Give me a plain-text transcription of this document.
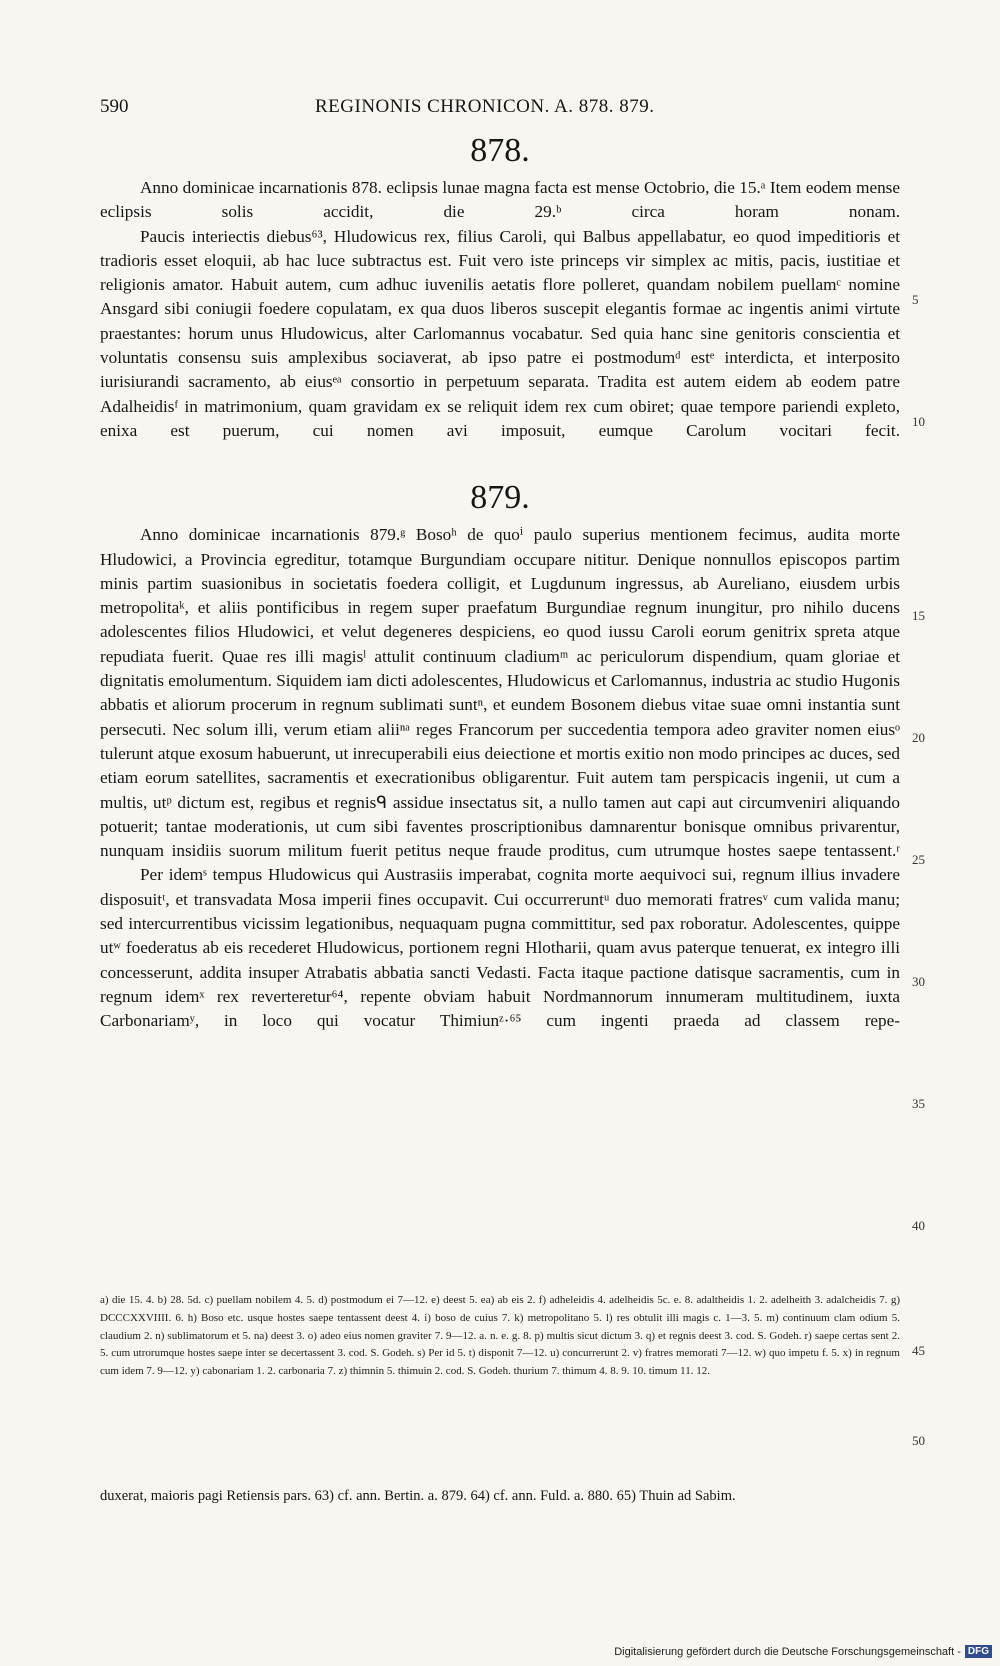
590	REGINONIS CHRONICON. A. 878. 879.
878.

Anno dominicae incarnationis 878. eclipsis lunae magna facta est mense Octobrio, die 15.ᵃ Item eodem mense eclipsis solis accidit, die 29.ᵇ circa horam nonam.

Paucis interiectis diebus⁶³, Hludowicus rex, filius Caroli, qui Balbus appellabatur, eo quod impeditioris et tradioris esset eloquii, ab hac luce subtractus est. Fuit vero iste princeps vir simplex ac mitis, pacis, iustitiae et religionis amator. Habuit autem, cum adhuc iuvenilis aetatis flore polleret, quandam nobilem puellamᶜ nomine Ansgard sibi coniugii foedere copulatam, ex qua duos liberos suscepit elegantis formae ac ingentis animi virtute praestantes: horum unus Hludowicus, alter Carlomannus vocabatur. Sed quia hanc sine genitoris conscientia et voluntatis consensu suis amplexibus sociaverat, ab ipso patre ei postmodumᵈ estᵉ interdicta, et interposito iurisiurandi sacramento, ab eiusᵉᵃ consortio in perpetuum separata. Tradita est autem eidem ab eodem patre Adalheidisᶠ in matrimonium, quam gravidam ex se reliquit idem rex cum obiret; quae tempore pariendi expleto, enixa est puerum, cui nomen avi imposuit, eumque Carolum vocitari fecit.

879.

Anno dominicae incarnationis 879.ᵍ Bosoʰ de quoⁱ paulo superius mentionem fecimus, audita morte Hludowici, a Provincia egreditur, totamque Burgundiam occupare nititur. Denique nonnullos episcopos partim minis partim suasionibus in societatis foedera colligit, et Lugdunum ingressus, ab Aureliano, eiusdem urbis metropolitaᵏ, et aliis pontificibus in regem super praefatum Burgundiae regnum inungitur, pro nihilo ducens adolescentes filios Hludowici, et velut degeneres despiciens, eo quod iussu Caroli eorum genitrix spreta atque repudiata fuerit. Quae res illi magisˡ attulit continuum cladiumᵐ ac periculorum dispendium, quam gloriae et dignitatis emolumentum. Siquidem iam dicti adolescentes, Hludowicus et Carlomannus, industria ac studio Hugonis abbatis et aliorum procerum in regnum sublimati suntⁿ, et eundem Bosonem diebus vitae suae omni instantia sunt persecuti. Nec solum illi, verum etiam aliiⁿᵃ reges Francorum per succedentia tempora adeo graviter nomen eiusᵒ tulerunt atque exosum habuerunt, ut inrecuperabili eius deiectione et mortis exitio non modo principes ac duces, sed etiam eorum satellites, sacramentis et execrationibus obligarentur. Fuit autem tam perspicacis ingenii, ut cum a multis, utᵖ dictum est, regibus et regnisᑫ assidue insectatus sit, a nullo tamen aut capi aut circumveniri aliquando potuerit; tantae moderationis, ut cum sibi faventes proscriptionibus damnarentur bonisque omnibus privarentur, nunquam insidiis suorum militum fuerit petitus neque fraude proditus, cum utrumque hostes saepe tentassent.ʳ

Per idemˢ tempus Hludowicus qui Austrasiis imperabat, cognita morte aequivoci sui, regnum illius invadere disposuitᵗ, et transvadata Mosa imperii fines occupavit. Cui occurreruntᵘ duo memorati fratresᵛ cum valida manu; sed intercurrentibus vicissim legationibus, nequaquam pugna committitur, sed pax roboratur. Adolescentes, quippe utʷ foederatus ab eis recederet Hludowicus, portionem regni Hlotharii, quam avus paterque tenuerat, ex integro illi concesserunt, addita insuper Atrabatis abbatia sancti Vedasti. Facta itaque pactione datisque sacramentis, cum in regnum idemˣ rex reverteretur⁶⁴, repente obviam habuit Nordmannorum innumeram multitudinem, iuxta Carbonariamʸ, in loco qui vocatur Thimiunᶻ·⁶⁵ cum ingenti praeda ad classem repe-

5
10
15
20
25
30
35
40
45
50
a) die 15. 4. b) 28. 5d. c) puellam nobilem 4. 5. d) postmodum ei 7—12. e) deest 5. ea) ab eis 2. f) adheleidis 4. adelheidis 5c. e. 8. adaltheidis 1. 2. adelheith 3. adalcheidis 7. g) DCCCXXVIIII. 6. h) Boso etc. usque hostes saepe tentassent deest 4. i) boso de cuius 7. k) metropolitano 5. l) res obtulit illi magis c. 1—3. 5. m) continuum clam odium 5. claudium 2. n) sublimatorum et 5. na) deest 3. o) adeo eius nomen graviter 7. 9—12. a. n. e. g. 8. p) multis sicut dictum 3. q) et regnis deest 3. cod. S. Godeh. r) saepe certas sent 2. 5. cum utrorumque hostes saepe inter se decertassent 3. cod. S. Godeh. s) Per id 5. t) disponit 7—12. u) concurrerunt 2. v) fratres memorati 7—12. w) quo impetu f. 5. x) in regnum cum idem 7. 9—12. y) cabonariam 1. 2. carbonaria 7. z) thimnin 5. thimuin 2. cod. S. Godeh. thurium 7. thimum 4. 8. 9. 10. timum 11. 12.
duxerat, maioris pagi Retiensis pars. 63) cf. ann. Bertin. a. 879. 64) cf. ann. Fuld. a. 880. 65) Thuin ad Sabim.
Digitalisierung gefördert durch die Deutsche Forschungsgemeinschaft - DFG
